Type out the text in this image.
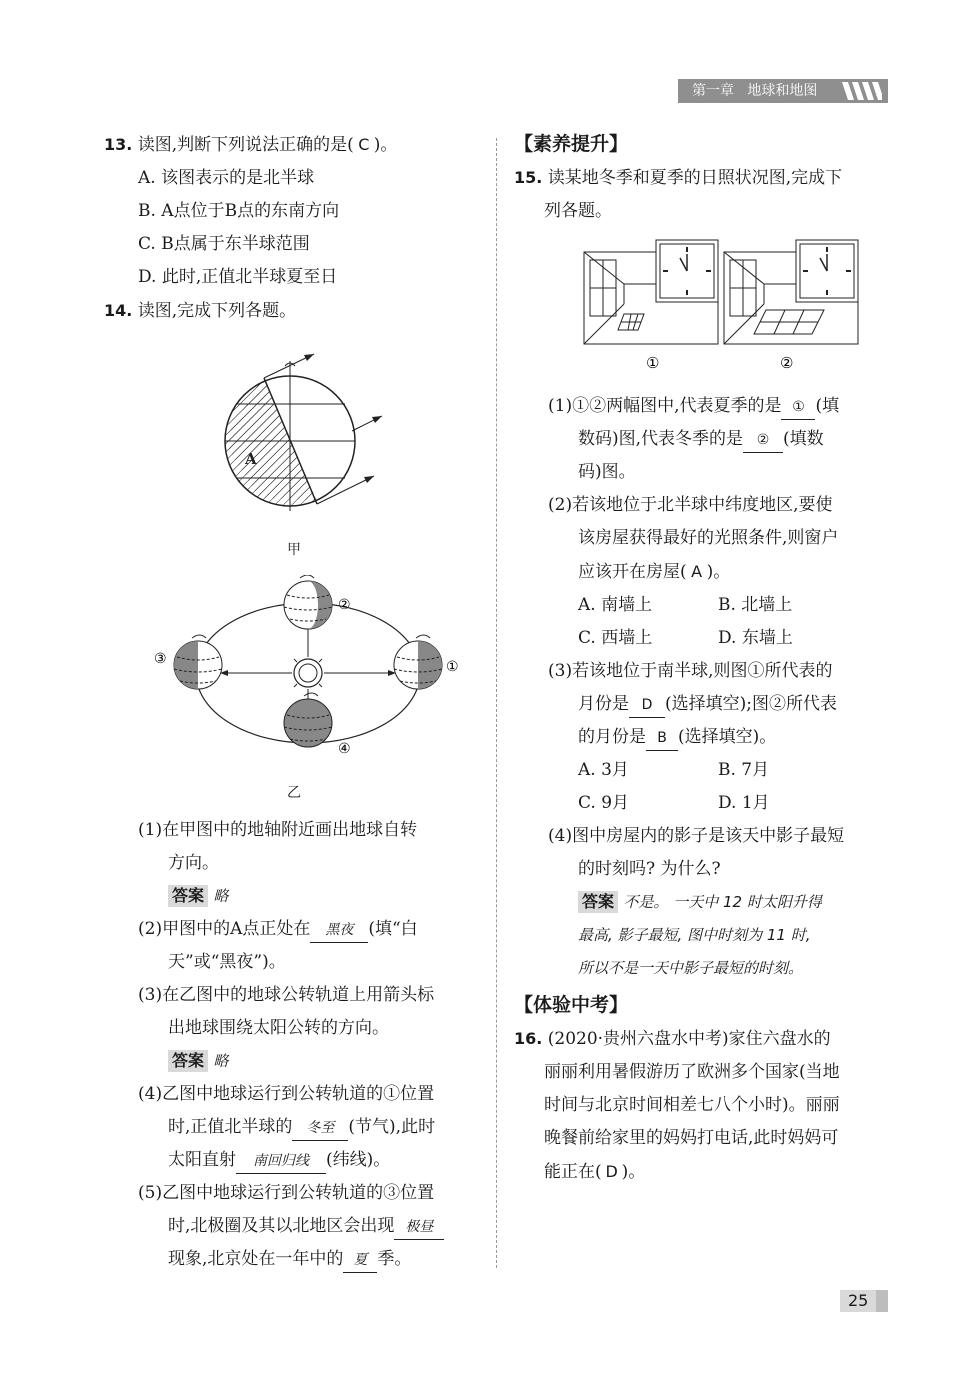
第一章   地球和地图
13. 读图,判断下列说法正确的是( C )。
A. 该图表示的是北半球
B. A点位于B点的东南方向
C. B点属于东半球范围
D. 此时,正值北半球夏至日
14. 读图,完成下列各题。
A
甲
②
①
③
④
乙
(1)在甲图中的地轴附近画出地球自转
方向。
答案 略
(2)甲图中的A点正处在 黑夜 (填“白
天”或“黑夜”)。
(3)在乙图中的地球公转轨道上用箭头标
出地球围绕太阳公转的方向。
答案 略
(4)乙图中地球运行到公转轨道的①位置
时,正值北半球的 冬至 (节气),此时
太阳直射 南回归线 (纬线)。
(5)乙图中地球运行到公转轨道的③位置
时,北极圈及其以北地区会出现 极昼
现象,北京处在一年中的 夏 季。
【素养提升】
15. 读某地冬季和夏季的日照状况图,完成下
列各题。
①	②
(1)①②两幅图中,代表夏季的是 ① (填
数码)图,代表冬季的是 ② (填数
码)图。
(2)若该地位于北半球中纬度地区,要使
该房屋获得最好的光照条件,则窗户
应该开在房屋( A )。
A. 南墙上	B. 北墙上
C. 西墙上	D. 东墙上
(3)若该地位于南半球,则图①所代表的
月份是 D (选择填空);图②所代表
的月份是 B (选择填空)。
A. 3月	B. 7月
C. 9月	D. 1月
(4)图中房屋内的影子是该天中影子最短
的时刻吗? 为什么?
答案 不是。 一天中 12 时太阳升得
最高, 影子最短, 图中时刻为 11 时,
所以不是一天中影子最短的时刻。
【体验中考】
16. (2020·贵州六盘水中考)家住六盘水的
丽丽利用暑假游历了欧洲多个国家(当地
时间与北京时间相差七八个小时)。丽丽
晚餐前给家里的妈妈打电话,此时妈妈可
能正在( D )。
25
